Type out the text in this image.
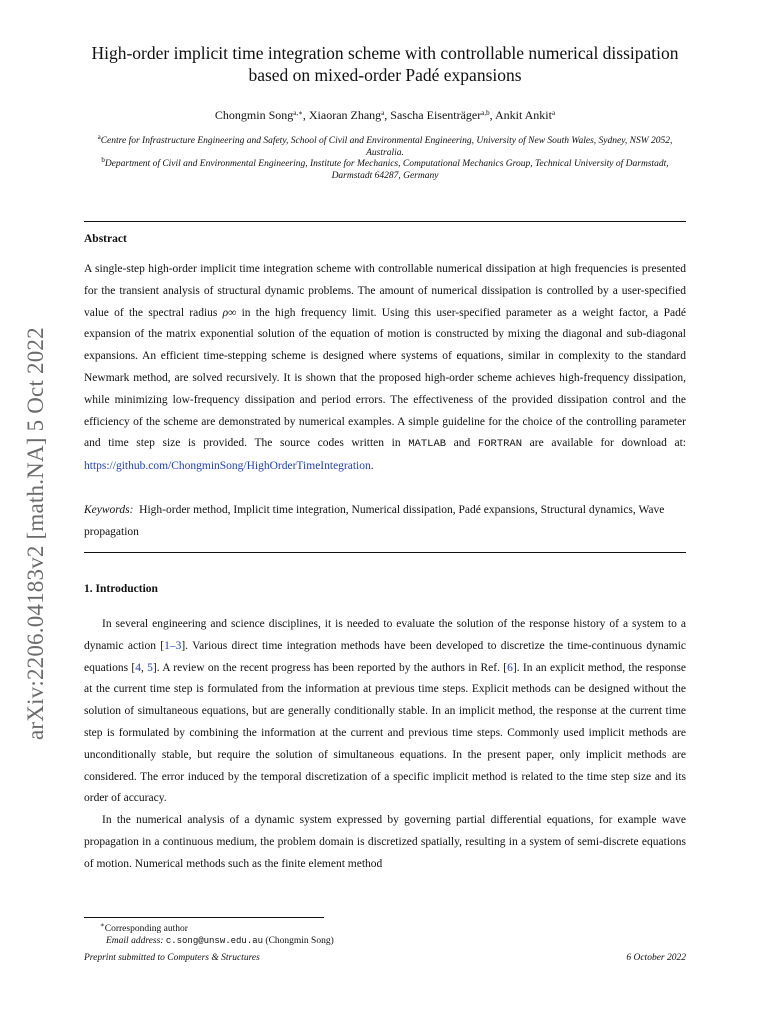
arXiv:2206.04183v2 [math.NA] 5 Oct 2022
High-order implicit time integration scheme with controllable numerical dissipation based on mixed-order Padé expansions
Chongmin Song$^{a,∗}$, Xiaoran Zhang$^a$, Sascha Eisenträger$^{a,b}$, Ankit Ankit$^a$
$^a$Centre for Infrastructure Engineering and Safety, School of Civil and Environmental Engineering, University of New South Wales, Sydney, NSW 2052, Australia.
$^b$Department of Civil and Environmental Engineering, Institute for Mechanics, Computational Mechanics Group, Technical University of Darmstadt, Darmstadt 64287, Germany
Abstract
A single-step high-order implicit time integration scheme with controllable numerical dissipation at high frequencies is presented for the transient analysis of structural dynamic problems. The amount of numerical dissipation is controlled by a user-specified value of the spectral radius ρ∞ in the high frequency limit. Using this user-specified parameter as a weight factor, a Padé expansion of the matrix exponential solution of the equation of motion is constructed by mixing the diagonal and sub-diagonal expansions. An efficient time-stepping scheme is designed where systems of equations, similar in complexity to the standard Newmark method, are solved recursively. It is shown that the proposed high-order scheme achieves high-frequency dissipation, while minimizing low-frequency dissipation and period errors. The effectiveness of the provided dissipation control and the efficiency of the scheme are demonstrated by numerical examples. A simple guideline for the choice of the controlling parameter and time step size is provided. The source codes written in MATLAB and FORTRAN are available for download at: https://github.com/ChongminSong/HighOrderTimeIntegration.
Keywords: High-order method, Implicit time integration, Numerical dissipation, Padé expansions, Structural dynamics, Wave propagation
1. Introduction

In several engineering and science disciplines, it is needed to evaluate the solution of the response history of a system to a dynamic action [1–3]. Various direct time integration methods have been developed to discretize the time-continuous dynamic equations [4, 5]. A review on the recent progress has been reported by the authors in Ref. [6]. In an explicit method, the response at the current time step is formulated from the information at previous time steps. Explicit methods can be designed without the solution of simultaneous equations, but are generally conditionally stable. In an implicit method, the response at the current time step is formulated by combining the information at the current and previous time steps. Commonly used implicit methods are unconditionally stable, but require the solution of simultaneous equations. In the present paper, only implicit methods are considered. The error induced by the temporal discretization of a specific implicit method is related to the time step size and its order of accuracy.

In the numerical analysis of a dynamic system expressed by governing partial differential equations, for example wave propagation in a continuous medium, the problem domain is discretized spatially, resulting in a system of semi-discrete equations of motion. Numerical methods such as the finite element method

∗Corresponding author
Email address: c.song@unsw.edu.au (Chongmin Song)
Preprint submitted to Computers & Structures	6 October 2022
